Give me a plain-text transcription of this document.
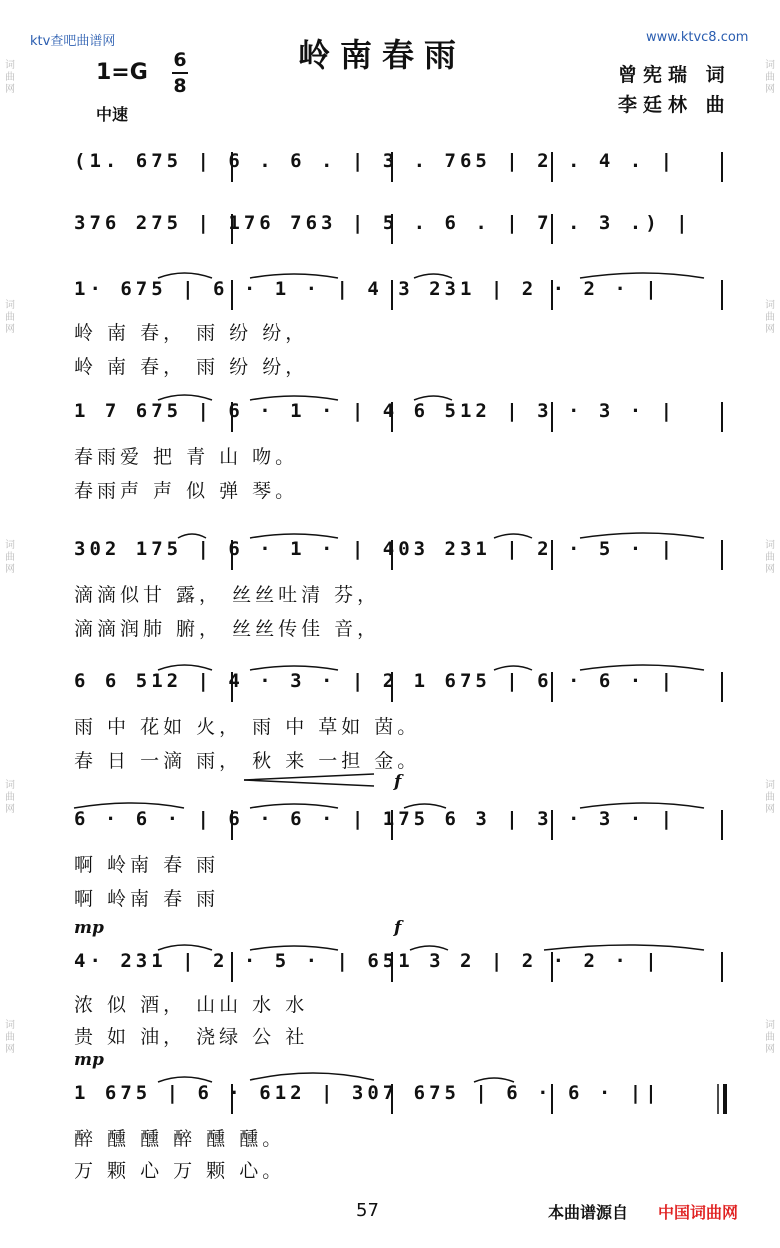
ktv查吧曲谱网	www.ktvc8.com
岭南春雨
曾宪瑞 词
李廷林 曲
1=G 6
8
中速
(1. 675 | 6 . 6 . | 3 . 765 | 2 . 4 . |
376 275 | 176 763 | 5 . 6 . | 7 . 3 .) |
1· 675 | 6 · 1 · | 4 3 231 | 2 · 2 · |
岭 南 春， 雨 纷 纷，
岭 南 春， 雨 纷 纷，
1 7 675 | 6 · 1 · | 4 6 512 | 3 · 3 · |
春雨爱 把 青 山 吻。
春雨声 声 似 弹 琴。
302 175 | 6 · 1 · | 403 231 | 2 · 5 · |
滴滴似甘 露， 丝丝吐清 芬，
滴滴润肺 腑， 丝丝传佳 音，
6 6 512 | 4 · 3 · | 2 1 675 | 6 · 6 · |
雨 中 花如 火， 雨 中 草如 茵。
春 日 一滴 雨， 秋 来 一担 金。
f
6 · 6 · | 6 · 6 · | 175 6 3 | 3 · 3 · |
啊 岭南 春 雨
啊 岭南 春 雨
mp	f
4· 231 | 2 · 5 · | 651 3 2 | 2 · 2 · |
浓 似 酒， 山山 水 水
贵 如 油， 浇绿 公 社
mp
1 675 | 6 · 612 | 307 675 | 6 · 6 · ||
醉 醺 醺 醉 醺 醺。
万 颗 心 万 颗 心。
57	本曲谱源自 中国词曲网
词曲网
词曲网
词曲网
词曲网
词曲网
词曲网
词曲网
词曲网
词曲网
词曲网
